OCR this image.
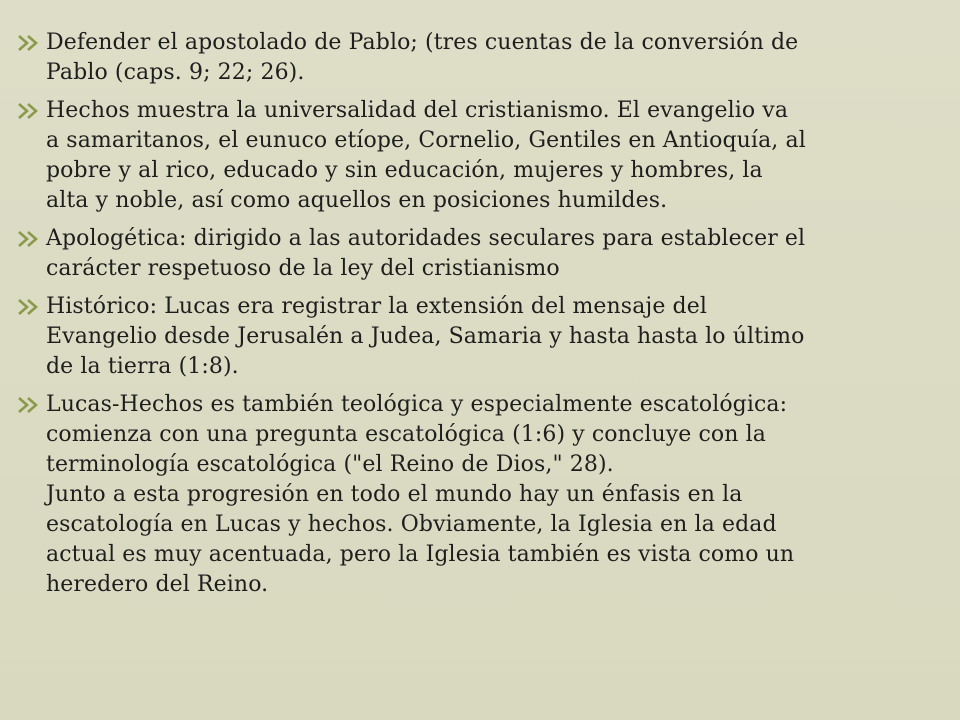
Defender el apostolado de Pablo; (tres cuentas de la conversión de
Pablo (caps. 9; 22; 26).
Hechos muestra la universalidad del cristianismo. El evangelio va
a samaritanos, el eunuco etíope, Cornelio, Gentiles en Antioquía, al
pobre y al rico, educado y sin educación, mujeres y hombres, la
alta y noble, así como aquellos en posiciones humildes.
Apologética: dirigido a las autoridades seculares para establecer el
carácter respetuoso de la ley del cristianismo
Histórico: Lucas era registrar la extensión del mensaje del
Evangelio desde Jerusalén a Judea, Samaria y hasta hasta lo último
de la tierra (1:8).
Lucas-Hechos es también teológica y especialmente escatológica:
comienza con una pregunta escatológica (1:6) y concluye con la
terminología escatológica ("el Reino de Dios," 28).
Junto a esta progresión en todo el mundo hay un énfasis en la
escatología en Lucas y hechos. Obviamente, la Iglesia en la edad
actual es muy acentuada, pero la Iglesia también es vista como un
heredero del Reino.
